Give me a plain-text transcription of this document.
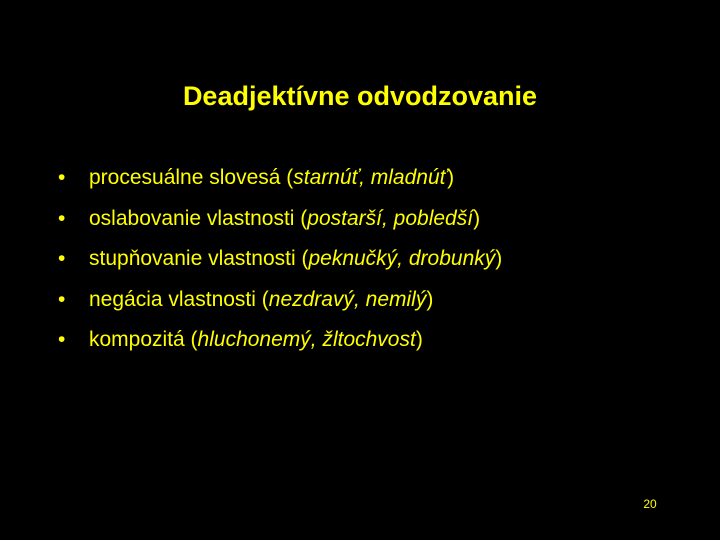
Deadjektívne odvodzovanie
•
procesuálne slovesá (starnúť, mladnúť)
•
oslabovanie vlastnosti (postarší, pobledší)
•
stupňovanie vlastnosti (peknučký, drobunký)
•
negácia vlastnosti (nezdravý, nemilý)
•
kompozitá (hluchonemý, žltochvost)
20
